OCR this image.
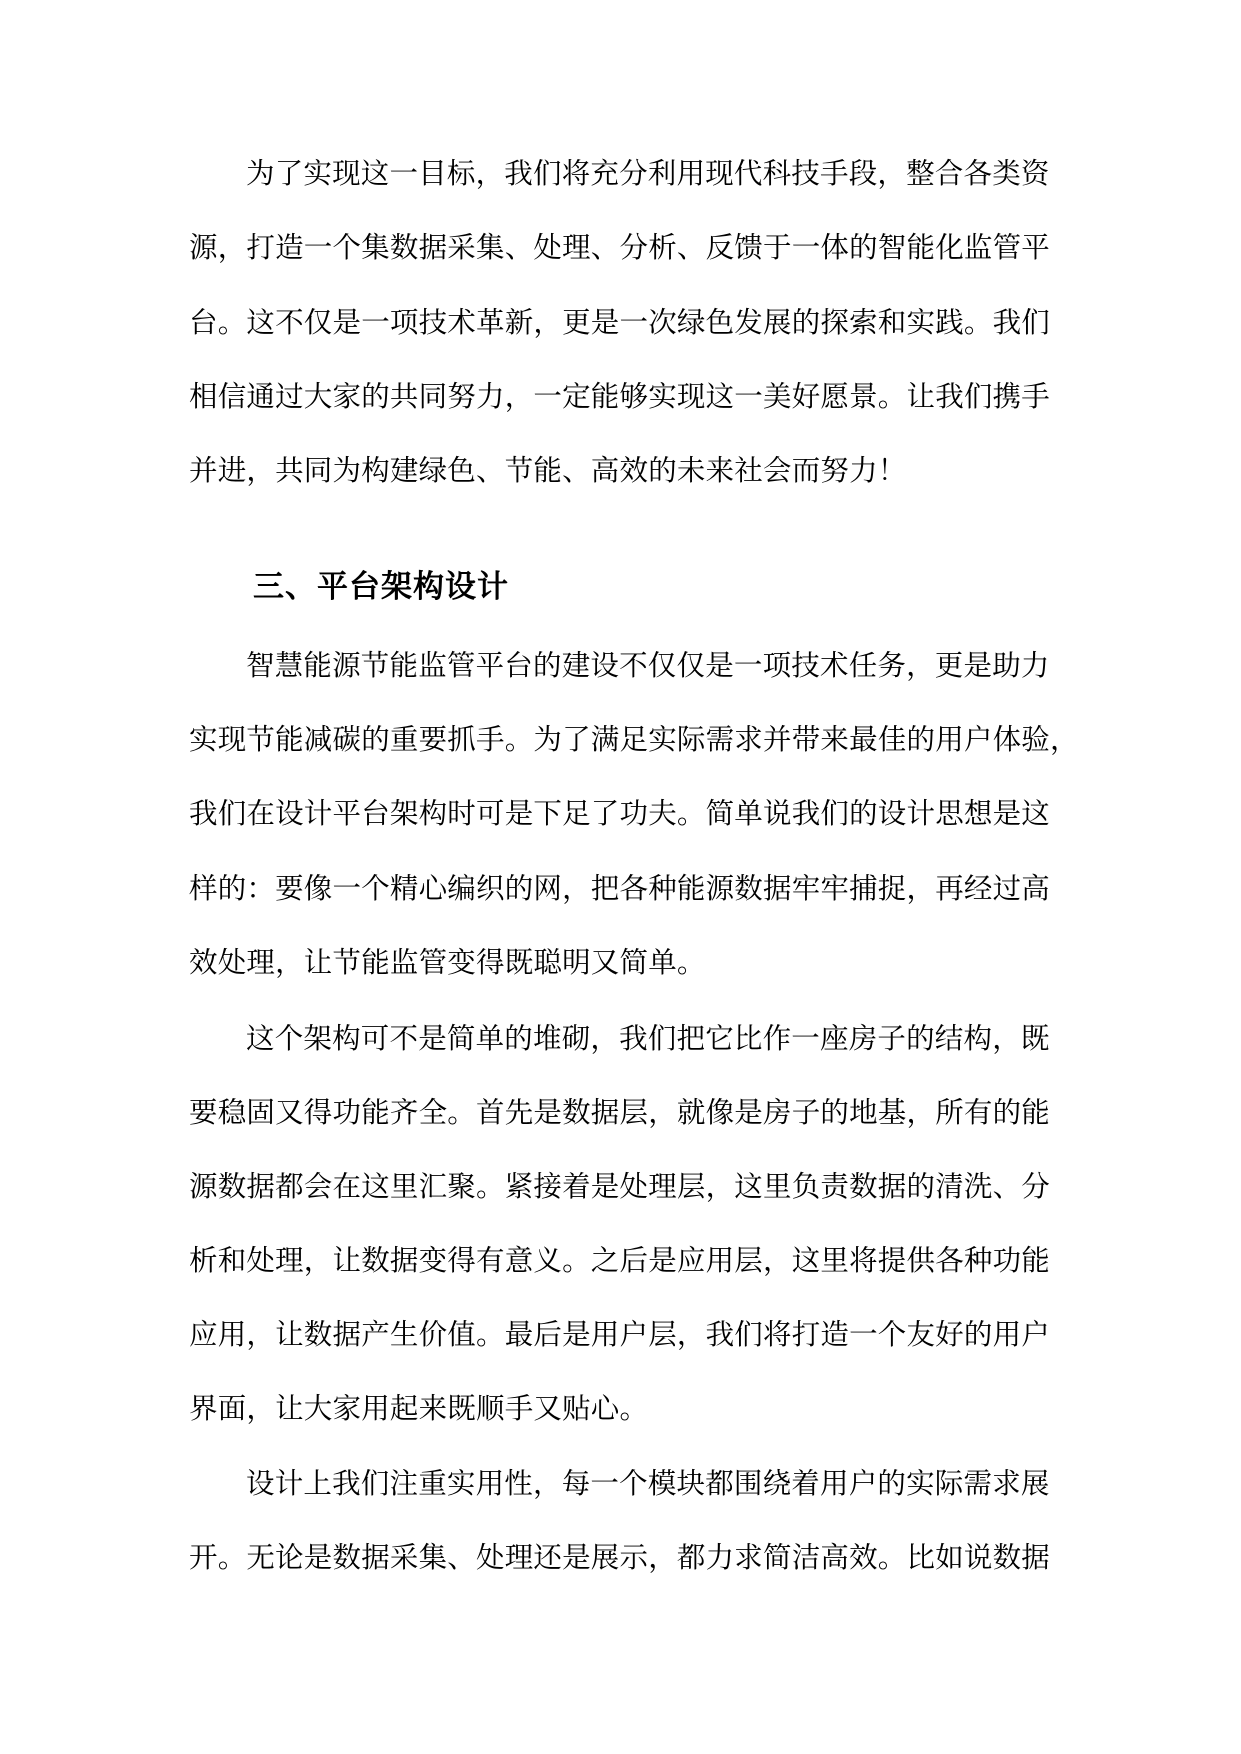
为了实现这一目标，我们将充分利用现代科技手段，整合各类资
源，打造一个集数据采集、处理、分析、反馈于一体的智能化监管平
台。这不仅是一项技术革新，更是一次绿色发展的探索和实践。我们
相信通过大家的共同努力，一定能够实现这一美好愿景。让我们携手
并进，共同为构建绿色、节能、高效的未来社会而努力！
三、平台架构设计
智慧能源节能监管平台的建设不仅仅是一项技术任务，更是助力
实现节能减碳的重要抓手。为了满足实际需求并带来最佳的用户体验，
我们在设计平台架构时可是下足了功夫。简单说我们的设计思想是这
样的：要像一个精心编织的网，把各种能源数据牢牢捕捉，再经过高
效处理，让节能监管变得既聪明又简单。
这个架构可不是简单的堆砌，我们把它比作一座房子的结构，既
要稳固又得功能齐全。首先是数据层，就像是房子的地基，所有的能
源数据都会在这里汇聚。紧接着是处理层，这里负责数据的清洗、分
析和处理，让数据变得有意义。之后是应用层，这里将提供各种功能
应用，让数据产生价值。最后是用户层，我们将打造一个友好的用户
界面，让大家用起来既顺手又贴心。
设计上我们注重实用性，每一个模块都围绕着用户的实际需求展
开。无论是数据采集、处理还是展示，都力求简洁高效。比如说数据
